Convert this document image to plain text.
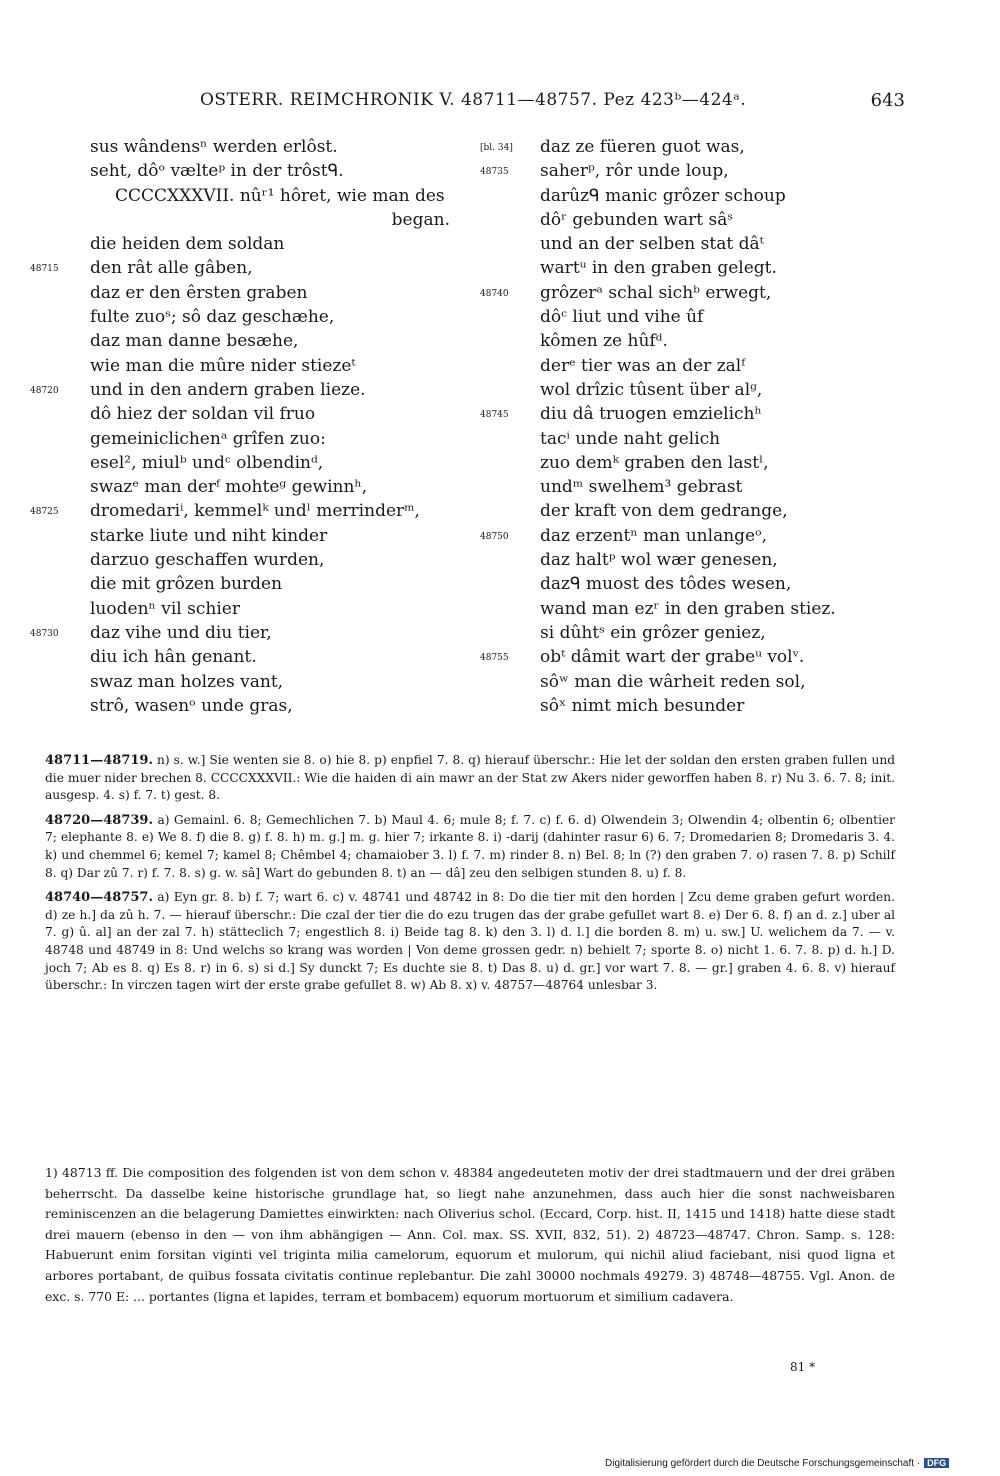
OSTERR. REIMCHRONIK V. 48711—48757. Pez 423ᵇ—424ᵃ.	643
sus wândensⁿ werden erlôst.
seht, dôᵒ vælteᵖ in der trôstᑫ.
CCCCXXXVII. nûʳ¹ hôret, wie man des
began.
die heiden dem soldan
48715	den rât alle gâben,
daz er den êrsten graben
fulte zuoˢ; sô daz geschæhe,
daz man danne besæhe,
wie man die mûre nider stiezeᵗ
48720	und in den andern graben lieze.
dô hiez der soldan vil fruo
gemeiniclichenᵃ grîfen zuo:
esel², miulᵇ undᶜ olbendinᵈ,
swazᵉ man derᶠ mohteᵍ gewinnʰ,
48725	dromedariⁱ, kemmelᵏ undˡ merrinderᵐ,
starke liute und niht kinder
darzuo geschaffen wurden,
die mit grôzen burden
luodenⁿ vil schier
48730	daz vihe und diu tier,
diu ich hân genant.
swaz man holzes vant,
strô, wasenᵒ unde gras,
[bl. 34]	daz ze füeren guot was,
48735	saherᵖ, rôr unde loup,
darûzᑫ manic grôzer schoup
dôʳ gebunden wart sâˢ
und an der selben stat dâᵗ
wartᵘ in den graben gelegt.
48740	grôzerᵃ schal sichᵇ erwegt,
dôᶜ liut und vihe ûf
kômen ze hûfᵈ.
derᵉ tier was an der zalᶠ
wol drîzic tûsent über alᵍ,
48745	diu dâ truogen emzielichʰ
tacⁱ unde naht gelich
zuo demᵏ graben den lastˡ,
undᵐ swelhem³ gebrast
der kraft von dem gedrange,
48750	daz erzentⁿ man unlangeᵒ,
daz haltᵖ wol wær genesen,
dazᑫ muost des tôdes wesen,
wand man ezʳ in den graben stiez.
si dûhtˢ ein grôzer geniez,
48755	obᵗ dâmit wart der grabeᵘ volᵛ.
sôʷ man die wârheit reden sol,
sôˣ nimt mich besunder

48711—48719. n) s. w.] Sie wenten sie 8. o) hie 8. p) enpfiel 7. 8. q) hierauf überschr.: Hie let der soldan den ersten graben fullen und die muer nider brechen 8. CCCCXXXVII.: Wie die haiden di ain mawr an der Stat zw Akers nider geworffen haben 8. r) Nu 3. 6. 7. 8; init. ausgesp. 4. s) f. 7. t) gest. 8.

48720—48739. a) Gemainl. 6. 8; Gemechlichen 7. b) Maul 4. 6; mule 8; f. 7. c) f. 6. d) Olwendein 3; Olwendin 4; olbentin 6; olbentier 7; elephante 8. e) We 8. f) die 8. g) f. 8. h) m. g.] m. g. hier 7; irkante 8. i) -darij (dahinter rasur 6) 6. 7; Dromedarien 8; Dromedaris 3. 4. k) und chemmel 6; kemel 7; kamel 8; Chêmbel 4; chamaiober 3. l) f. 7. m) rinder 8. n) Bel. 8; ln (?) den graben 7. o) rasen 7. 8. p) Schilf 8. q) Dar zû 7. r) f. 7. 8. s) g. w. sâ] Wart do gebunden 8. t) an — dâ] zeu den selbigen stunden 8. u) f. 8.

48740—48757. a) Eyn gr. 8. b) f. 7; wart 6. c) v. 48741 und 48742 in 8: Do die tier mit den horden | Zcu deme graben gefurt worden. d) ze h.] da zû h. 7. — hierauf überschr.: Die czal der tier die do ezu trugen das der grabe gefullet wart 8. e) Der 6. 8. f) an d. z.] uber al 7. g) û. al] an der zal 7. h) stätteclich 7; engestlich 8. i) Beide tag 8. k) den 3. l) d. l.] die borden 8. m) u. sw.] U. welichem da 7. — v. 48748 und 48749 in 8: Und welchs so krang was worden | Von deme grossen gedr. n) behielt 7; sporte 8. o) nicht 1. 6. 7. 8. p) d. h.] D. joch 7; Ab es 8. q) Es 8. r) in 6. s) si d.] Sy dunckt 7; Es duchte sie 8. t) Das 8. u) d. gr.] vor wart 7. 8. — gr.] graben 4. 6. 8. v) hierauf überschr.: In virczen tagen wirt der erste grabe gefullet 8. w) Ab 8. x) v. 48757—48764 unlesbar 3.

1) 48713 ff. Die composition des folgenden ist von dem schon v. 48384 angedeuteten motiv der drei stadtmauern und der drei gräben beherrscht. Da dasselbe keine historische grundlage hat, so liegt nahe anzunehmen, dass auch hier die sonst nachweisbaren reminiscenzen an die belagerung Damiettes einwirkten: nach Oliverius schol. (Eccard, Corp. hist. II, 1415 und 1418) hatte diese stadt drei mauern (ebenso in den — von ihm abhängigen — Ann. Col. max. SS. XVII, 832, 51). 2) 48723—48747. Chron. Samp. s. 128: Habuerunt enim forsitan viginti vel triginta milia camelorum, equorum et mulorum, qui nichil aliud faciebant, nisi quod ligna et arbores portabant, de quibus fossata civitatis continue replebantur. Die zahl 30000 nochmals 49279. 3) 48748—48755. Vgl. Anon. de exc. s. 770 E: ... portantes (ligna et lapides, terram et bombacem) equorum mortuorum et similium cadavera.

81 *
Digitalisierung gefördert durch die Deutsche Forschungsgemeinschaft · DFG
